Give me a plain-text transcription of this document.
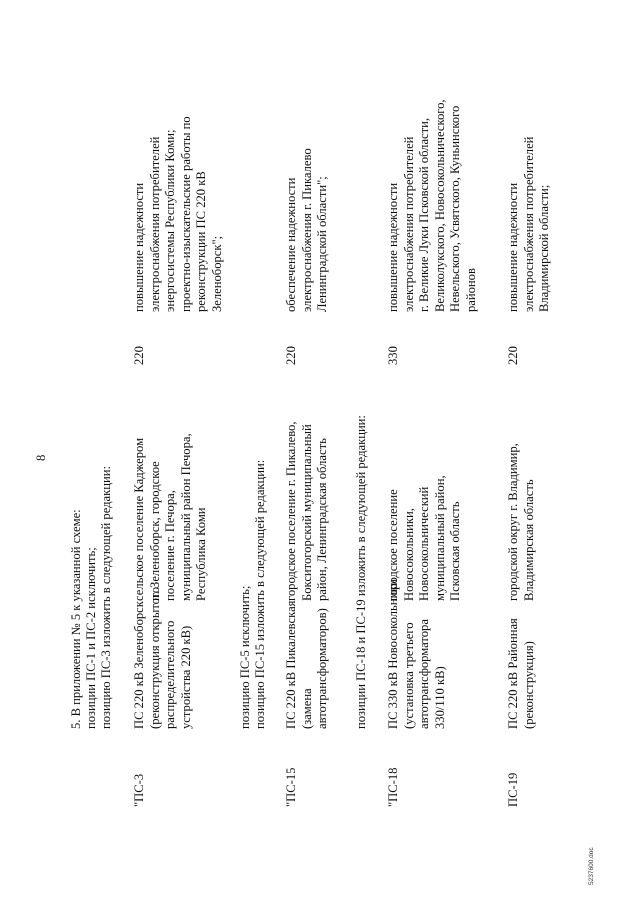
8
5. В приложении № 5 к указанной схеме: позиции ПС-1 и ПС-2 исключить; позицию ПС-3 изложить в следующей редакции:
"ПС-3
ПС 220 кВ Зеленоборск (реконструкция открытого распределительного устройства 220 кВ)
сельское поселение Каджером п. Зеленоборск, городское поселение г. Печора, муниципальный район Печора, Республика Коми
220
повышение надежности электроснабжения потребителей энергосистемы Республики Коми; проектно-изыскательские работы по реконструкции ПС 220 кВ Зеленоборск";
позицию ПС-5 исключить; позицию ПС-15 изложить в следующей редакции:
"ПС-15
ПС 220 кВ Пикалевская (замена автотрансформаторов)
городское поселение г. Пикалево, Бокситогорский муниципальный район, Ленинградская область
220
обеспечение надежности электроснабжения г. Пикалево Ленинградской области";
позиции ПС-18 и ПС-19 изложить в следующей редакции:
"ПС-18
ПС 330 кВ Новосокольники (установка третьего автотрансформатора 330/110 кВ)
городское поселение Новосокольники, Новосокольнический муниципальный район, Псковская область
330
повышение надежности электроснабжения потребителей г. Великие Луки Псковской области, Великолукского, Новосокольнического, Невельского, Усвятского, Куньинского районов
ПС-19
ПС 220 кВ Районная (реконструкция)
городской округ г. Владимир, Владимирская область
220
повышение надежности электроснабжения потребителей Владимирской области;
5237600.doc
